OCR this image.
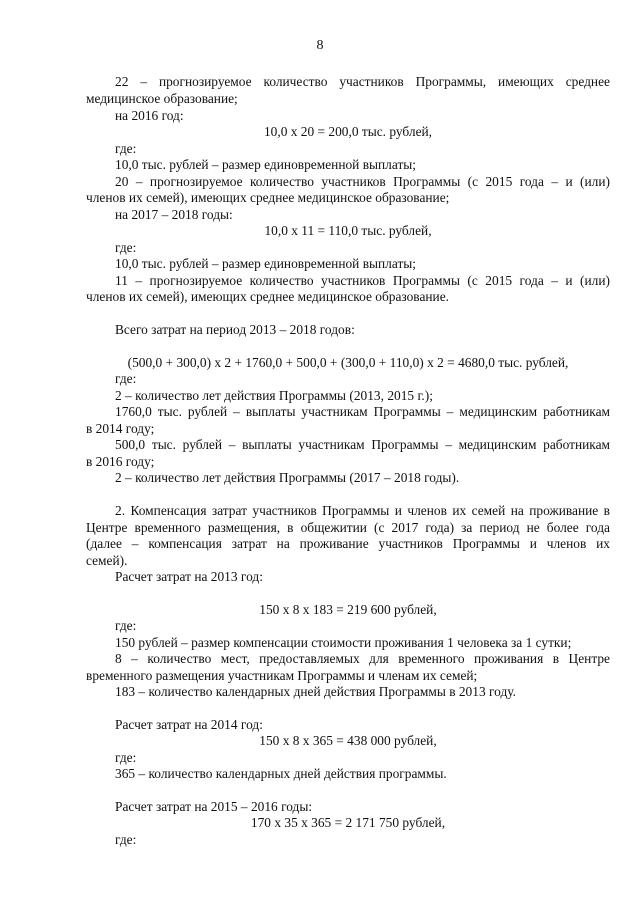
8
22 – прогнозируемое количество участников Программы, имеющих среднее
медицинское образование;
на 2016 год:
10,0 х 20 = 200,0 тыс. рублей,
где:
10,0 тыс. рублей – размер единовременной выплаты;
20 – прогнозируемое количество участников Программы (с 2015 года – и (или)
членов их семей), имеющих среднее медицинское образование;
на 2017 – 2018 годы:
10,0 х 11 = 110,0 тыс. рублей,
где:
10,0 тыс. рублей – размер единовременной выплаты;
11 – прогнозируемое количество участников Программы (с 2015 года – и (или)
членов их семей), имеющих среднее медицинское образование.
Всего затрат на период 2013 – 2018 годов:
(500,0 + 300,0) х 2 + 1760,0 + 500,0 + (300,0 + 110,0) х 2 = 4680,0 тыс. рублей,
где:
2 – количество лет действия Программы (2013, 2015 г.);
1760,0 тыс. рублей – выплаты участникам Программы – медицинским работникам
в 2014 году;
500,0 тыс. рублей – выплаты участникам Программы – медицинским работникам
в 2016 году;
2 – количество лет действия Программы (2017 – 2018 годы).
2. Компенсация затрат участников Программы и членов их семей на проживание в
Центре временного размещения, в общежитии (с 2017 года) за период не более года
(далее – компенсация затрат на проживание участников Программы и членов их
семей).
Расчет затрат на 2013 год:
150 х 8 х 183 = 219 600 рублей,
где:
150 рублей – размер компенсации стоимости проживания 1 человека за 1 сутки;
8 – количество мест, предоставляемых для временного проживания в Центре
временного размещения участникам Программы и членам их семей;
183 – количество календарных дней действия Программы в 2013 году.
Расчет затрат на 2014 год:
150 х 8 х 365 = 438 000 рублей,
где:
365 – количество календарных дней действия программы.
Расчет затрат на 2015 – 2016 годы:
170 х 35 х 365 = 2 171 750 рублей,
где:
